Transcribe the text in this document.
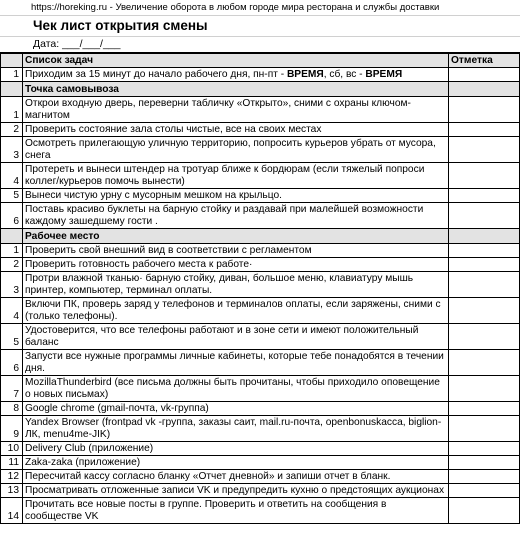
https://horeking.ru - Увеличение оборота в любом городе мира ресторана и службы доставки
Чек лист открытия смены
Дата: ___/___/___
	Список задач	Отметка
1	Приходим за 15 минут до начало рабочего дня, пн-пт - ВРЕМЯ, сб, вс - ВРЕМЯ	
	Точка самовывоза	
1	Открои входную дверь, переверни табличку «Открыто», сними с охраны ключом-магнитом	
2	Проверить состояние зала столы чистые, все на своих местах	
3	Осмотреть прилегающую уличную территорию, попросить курьеров убрать от мусора, снега	
4	Протереть и вынеси штендер на тротуар ближе к бордюрам (если тяжелый попроси коллег/курьеров помочь вынести)	
5	Вынеси чистую урну с мусорным мешком на крыльцо.	
6	Поставь красиво буклеты на барную стойку и раздавай при малейшей возможности каждому зашедшему гости .	
	Рабочее место	
1	Проверить свой внешний вид в соответствии с регламентом	
2	Проверить готовность рабочего места к работе·	
3	Протри влажной тканью· барную стойку, диван, большое меню, клавиатуру мышь принтер, компьютер, терминал оплаты.	
4	Включи ПК, проверь заряд у телефонов и терминалов оплаты, если заряжены, сними с (только телефоны).	
5	Удостоверится, что все телефоны работают и в зоне сети и имеют положительный баланс	
6	Запусти все нужные программы личные кабинеты, которые тебе понадобятся в течении дня.	
7	MozillaThunderbird (все письма должны быть прочитаны, чтобы приходило оповещение о новых письмах)	
8	Google chrome (gmail-почта, vk-группа)	
9	Yandex Browser (frontpad vk -группа, заказы саит, mail.ru-почта, openbonuskacca, biglion-ЛК, menu4me-JIK)	
10	Delivery Club (приложение)	
11	Zaka-zaka (приложение)	
12	Пересчитай кассу согласно бланку «Отчет дневной» и запиши отчет в бланк.	
13	Просматривать отложенные записи VK и предупредить кухню о предстоящих аукционах	
14	Прочитать все новые посты в группе. Проверить и ответить на сообщения в сообществе VK	
